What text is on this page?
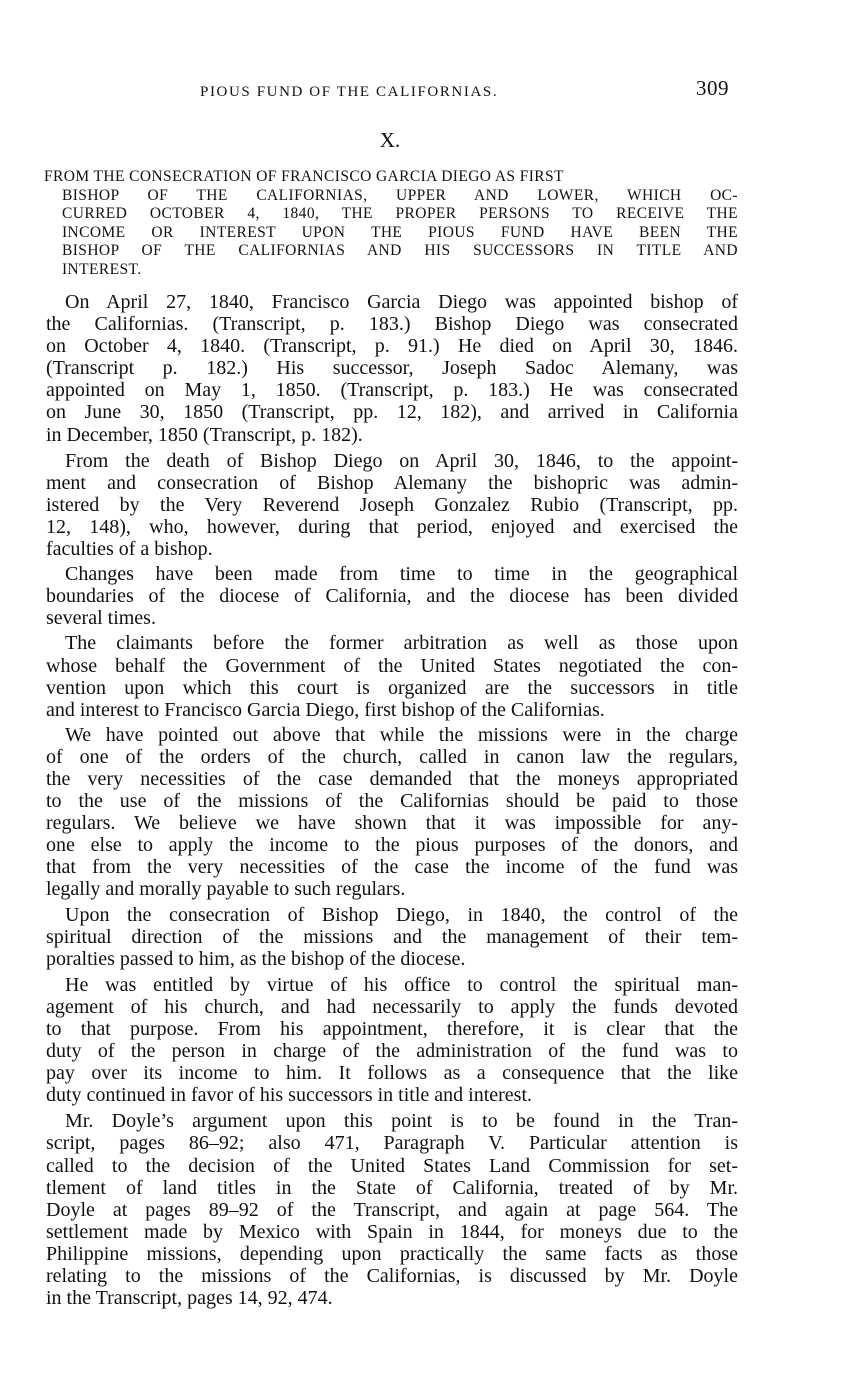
PIOUS FUND OF THE CALIFORNIAS.	309
X.
FROM THE CONSECRATION OF FRANCISCO GARCIA DIEGO AS FIRST
BISHOP OF THE CALIFORNIAS, UPPER AND LOWER, WHICH OC-
CURRED OCTOBER 4, 1840, THE PROPER PERSONS TO RECEIVE THE
INCOME OR INTEREST UPON THE PIOUS FUND HAVE BEEN THE
BISHOP OF THE CALIFORNIAS AND HIS SUCCESSORS IN TITLE AND
INTEREST.
On April 27, 1840, Francisco Garcia Diego was appointed bishop of
the Californias. (Transcript, p. 183.) Bishop Diego was consecrated
on October 4, 1840. (Transcript, p. 91.) He died on April 30, 1846.
(Transcript p. 182.) His successor, Joseph Sadoc Alemany, was
appointed on May 1, 1850. (Transcript, p. 183.) He was consecrated
on June 30, 1850 (Transcript, pp. 12, 182), and arrived in California
in December, 1850 (Transcript, p. 182).
From the death of Bishop Diego on April 30, 1846, to the appoint-
ment and consecration of Bishop Alemany the bishopric was admin-
istered by the Very Reverend Joseph Gonzalez Rubio (Transcript, pp.
12, 148), who, however, during that period, enjoyed and exercised the
faculties of a bishop.
Changes have been made from time to time in the geographical
boundaries of the diocese of California, and the diocese has been divided
several times.
The claimants before the former arbitration as well as those upon
whose behalf the Government of the United States negotiated the con-
vention upon which this court is organized are the successors in title
and interest to Francisco Garcia Diego, first bishop of the Californias.
We have pointed out above that while the missions were in the charge
of one of the orders of the church, called in canon law the regulars,
the very necessities of the case demanded that the moneys appropriated
to the use of the missions of the Californias should be paid to those
regulars. We believe we have shown that it was impossible for any-
one else to apply the income to the pious purposes of the donors, and
that from the very necessities of the case the income of the fund was
legally and morally payable to such regulars.
Upon the consecration of Bishop Diego, in 1840, the control of the
spiritual direction of the missions and the management of their tem-
poralties passed to him, as the bishop of the diocese.
He was entitled by virtue of his office to control the spiritual man-
agement of his church, and had necessarily to apply the funds devoted
to that purpose. From his appointment, therefore, it is clear that the
duty of the person in charge of the administration of the fund was to
pay over its income to him. It follows as a consequence that the like
duty continued in favor of his successors in title and interest.
Mr. Doyle’s argument upon this point is to be found in the Tran-
script, pages 86–92; also 471, Paragraph V. Particular attention is
called to the decision of the United States Land Commission for set-
tlement of land titles in the State of California, treated of by Mr.
Doyle at pages 89–92 of the Transcript, and again at page 564. The
settlement made by Mexico with Spain in 1844, for moneys due to the
Philippine missions, depending upon practically the same facts as those
relating to the missions of the Californias, is discussed by Mr. Doyle
in the Transcript, pages 14, 92, 474.
